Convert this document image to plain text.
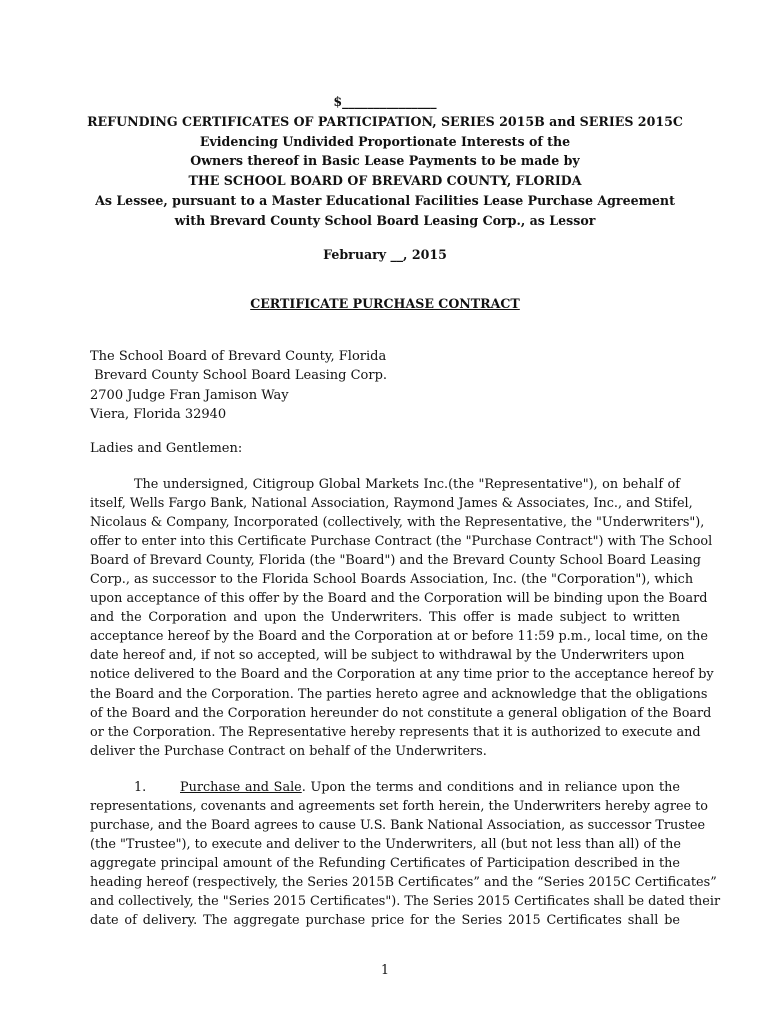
$_______________
REFUNDING CERTIFICATES OF PARTICIPATION, SERIES 2015B and SERIES 2015C
Evidencing Undivided Proportionate Interests of the
Owners thereof in Basic Lease Payments to be made by
THE SCHOOL BOARD OF BREVARD COUNTY, FLORIDA
As Lessee, pursuant to a Master Educational Facilities Lease Purchase Agreement
with Brevard County School Board Leasing Corp., as Lessor
February __, 2015
CERTIFICATE PURCHASE CONTRACT
The School Board of Brevard County, Florida
Brevard County School Board Leasing Corp.
2700 Judge Fran Jamison Way
Viera, Florida 32940
Ladies and Gentlemen:
The undersigned, Citigroup Global Markets Inc.(the "Representative"), on behalf of
itself, Wells Fargo Bank, National Association, Raymond James & Associates, Inc., and Stifel,
Nicolaus & Company, Incorporated (collectively, with the Representative, the "Underwriters"),
offer to enter into this Certificate Purchase Contract (the "Purchase Contract") with The School
Board of Brevard County, Florida (the "Board") and the Brevard County School Board Leasing
Corp., as successor to the Florida School Boards Association, Inc. (the "Corporation"), which
upon acceptance of this offer by the Board and the Corporation will be binding upon the Board
and the Corporation and upon the Underwriters. This offer is made subject to written
acceptance hereof by the Board and the Corporation at or before 11:59 p.m., local time, on the
date hereof and, if not so accepted, will be subject to withdrawal by the Underwriters upon
notice delivered to the Board and the Corporation at any time prior to the acceptance hereof by
the Board and the Corporation. The parties hereto agree and acknowledge that the obligations
of the Board and the Corporation hereunder do not constitute a general obligation of the Board
or the Corporation. The Representative hereby represents that it is authorized to execute and
deliver the Purchase Contract on behalf of the Underwriters.
1.	Purchase and Sale. Upon the terms and conditions and in reliance upon the
representations, covenants and agreements set forth herein, the Underwriters hereby agree to
purchase, and the Board agrees to cause U.S. Bank National Association, as successor Trustee
(the "Trustee"), to execute and deliver to the Underwriters, all (but not less than all) of the
aggregate principal amount of the Refunding Certificates of Participation described in the
heading hereof (respectively, the Series 2015B Certificates” and the “Series 2015C Certificates”
and collectively, the "Series 2015 Certificates"). The Series 2015 Certificates shall be dated their
date of delivery. The aggregate purchase price for the Series 2015 Certificates shall be
1
